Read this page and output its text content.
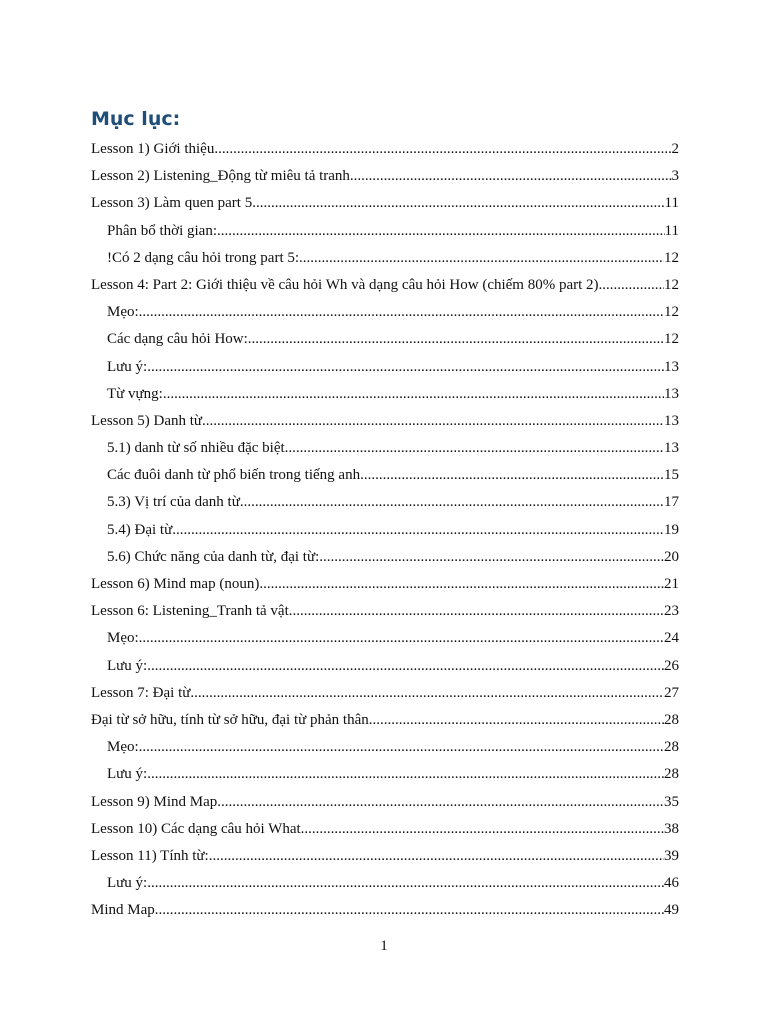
Mục lục:
Lesson 1) Giới thiệu .....	2
Lesson 2) Listening_Động từ miêu tả tranh .....	3
Lesson 3) Làm quen part 5 .....	11
Phân bổ thời gian: .....	11
!Có 2 dạng câu hỏi trong part 5: .....	12
Lesson 4: Part 2: Giới thiệu về câu hỏi Wh và dạng câu hỏi How (chiếm 80% part 2) .....	12
Mẹo: .....	12
Các dạng câu hỏi How: .....	12
Lưu ý: .....	13
Từ vựng: .....	13
Lesson 5) Danh từ .....	13
5.1) danh từ số nhiều đặc biệt .....	13
Các đuôi danh từ phổ biến trong tiếng anh .....	15
5.3) Vị trí của danh từ .....	17
5.4) Đại từ .....	19
5.6) Chức năng của danh từ, đại từ: .....	20
Lesson 6) Mind map (noun) .....	21
Lesson 6: Listening_Tranh tả vật .....	23
Mẹo: .....	24
Lưu ý: .....	26
Lesson 7: Đại từ .....	27
Đại từ sở hữu, tính từ sở hữu, đại từ phản thân .....	28
Mẹo: .....	28
Lưu ý: .....	28
Lesson 9) Mind Map .....	35
Lesson 10) Các dạng câu hỏi What .....	38
Lesson 11) Tính từ: .....	39
Lưu ý: .....	46
Mind Map .....	49
1
